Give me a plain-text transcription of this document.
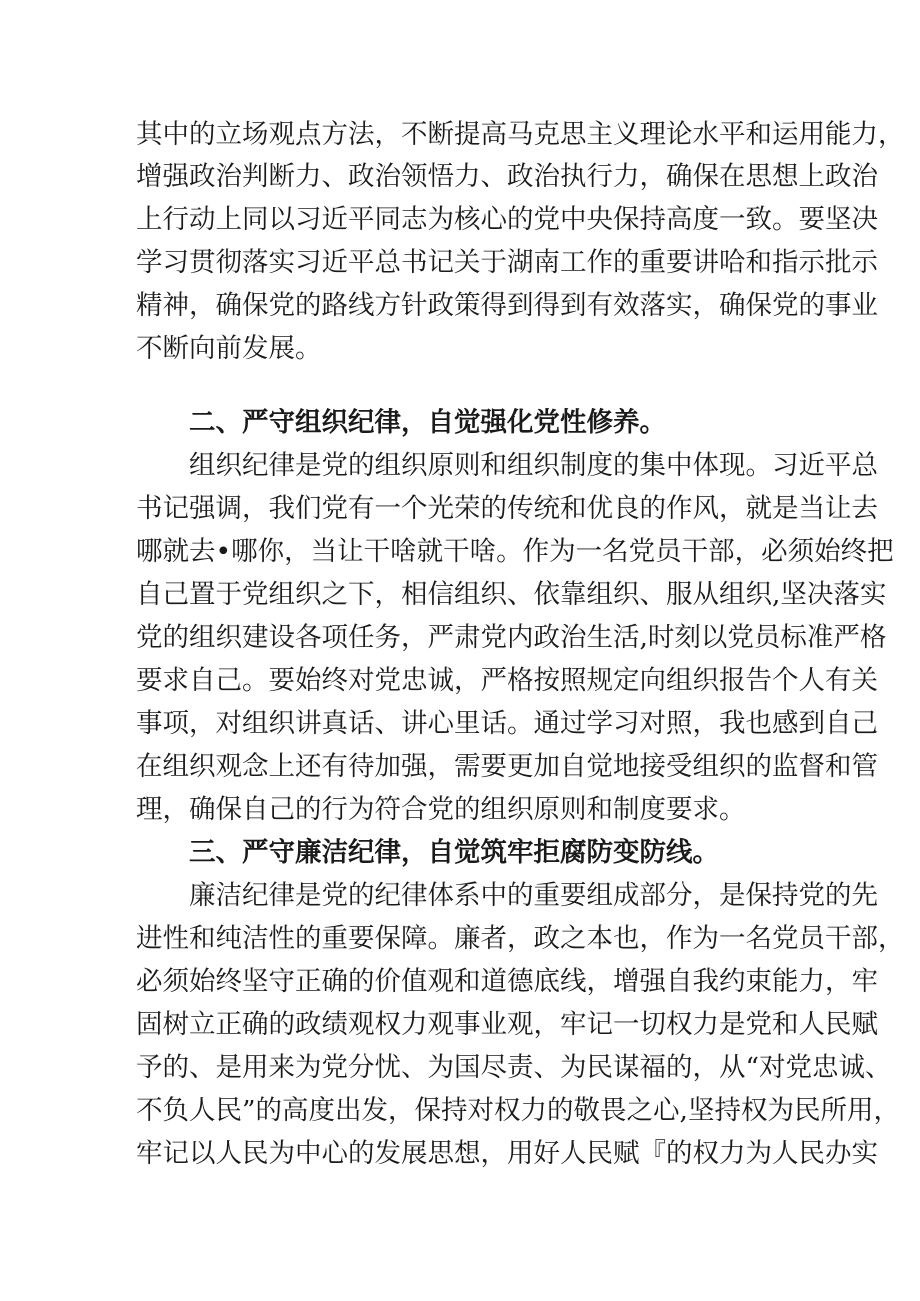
其中的立场观点方法，不断提高马克思主义理论水平和运用能力，
增强政治判断力、政治领悟力、政治执行力，确保在思想上政治
上行动上同以习近平同志为核心的党中央保持高度一致。要坚决
学习贯彻落实习近平总书记关于湖南工作的重要讲哈和指示批示
精神，确保党的路线方针政策得到得到有效落实，确保党的事业
不断向前发展。
二、严守组织纪律，自觉强化党性修养。
组织纪律是党的组织原则和组织制度的集中体现。习近平总
书记强调，我们党有一个光荣的传统和优良的作风，就是当让去
哪就去•哪你，当让干啥就干啥。作为一名党员干部，必须始终把
自己置于党组织之下，相信组织、依靠组织、服从组织,坚决落实
党的组织建设各项任务，严肃党内政治生活,时刻以党员标准严格
要求自己。要始终对党忠诚，严格按照规定向组织报告个人有关
事项，对组织讲真话、讲心里话。通过学习对照，我也感到自己
在组织观念上还有待加强，需要更加自觉地接受组织的监督和管
理，确保自己的行为符合党的组织原则和制度要求。
三、严守廉洁纪律，自觉筑牢拒腐防变防线。
廉洁纪律是党的纪律体系中的重要组成部分，是保持党的先
进性和纯洁性的重要保障。廉者，政之本也，作为一名党员干部，
必须始终坚守正确的价值观和道德底线，增强自我约束能力，牢
固树立正确的政绩观权力观事业观，牢记一切权力是党和人民赋
予的、是用来为党分忧、为国尽责、为民谋福的，从“对党忠诚、
不负人民”的高度出发，保持对权力的敬畏之心,坚持权为民所用，
牢记以人民为中心的发展思想，用好人民赋『的权力为人民办实
